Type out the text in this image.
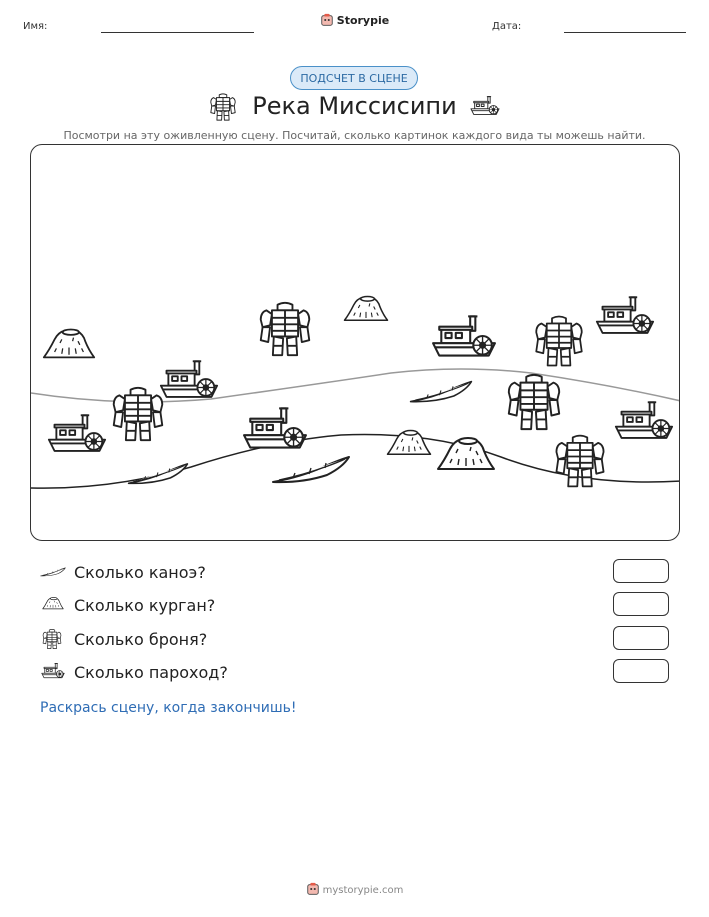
Имя:	Storypie	Дата:
ПОДСЧЕТ В СЦЕНЕ
Река Миссисипи
Посмотри на эту оживленную сцену. Посчитай, сколько картинок каждого вида ты можешь найти.
Сколько каноэ?
Сколько курган?
Сколько броня?
Сколько пароход?
Раскрась сцену, когда закончишь!
mystorypie.com
